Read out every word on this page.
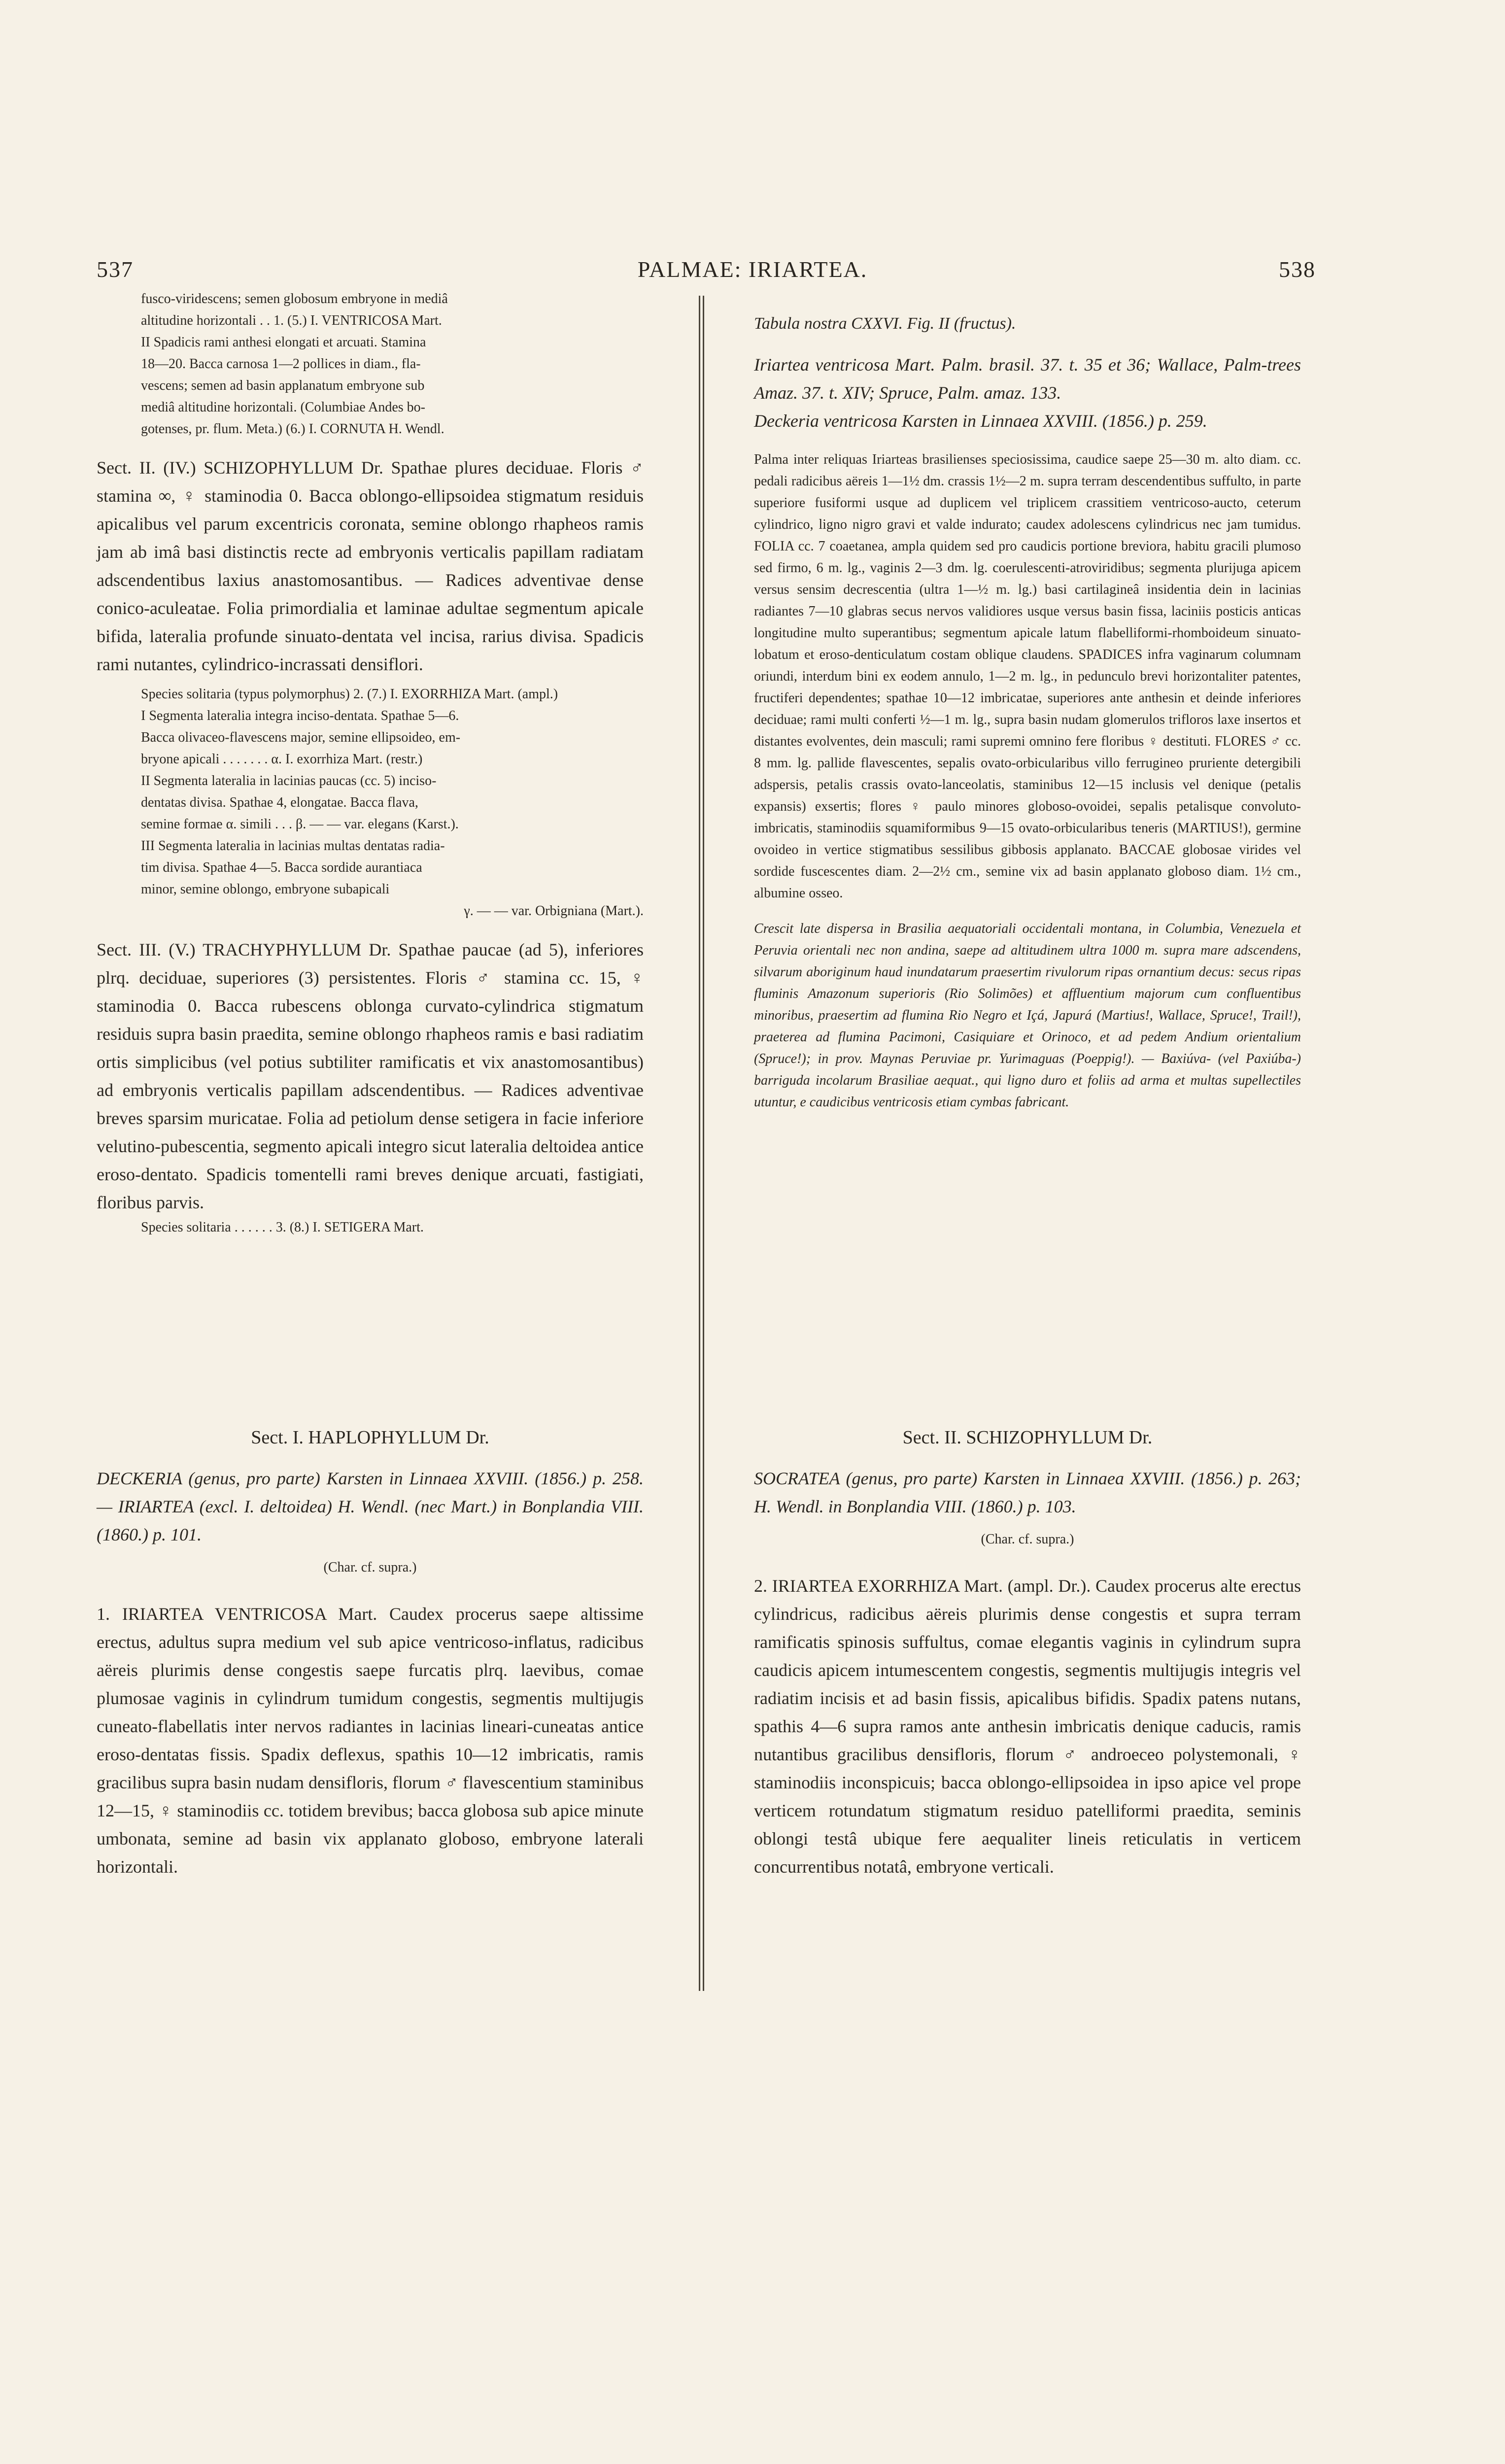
537	PALMAE: IRIARTEA.	538

fusco-viridescens; semen globosum embryone in mediâ

altitudine horizontali . . 1. (5.) I. VENTRICOSA Mart.

II Spadicis rami anthesi elongati et arcuati. Stamina

18—20. Bacca carnosa 1—2 pollices in diam., fla-

vescens; semen ad basin applanatum embryone sub

mediâ altitudine horizontali. (Columbiae Andes bo-

gotenses, pr. flum. Meta.) (6.) I. CORNUTA H. Wendl.

Sect. II. (IV.) SCHIZOPHYLLUM Dr. Spathae plures deciduae. Floris ♂ stamina ∞, ♀ staminodia 0. Bacca oblongo-ellipsoidea stigmatum residuis apicalibus vel parum excentricis coronata, semine oblongo rhapheos ramis jam ab imâ basi distinctis recte ad embryonis verticalis papillam radiatam adscendentibus laxius anastomosantibus. — Radices adventivae dense conico-aculeatae. Folia primordialia et laminae adultae segmentum apicale bifida, lateralia profunde sinuato-dentata vel incisa, rarius divisa. Spadicis rami nutantes, cylindrico-incrassati densiflori.

Species solitaria (typus polymorphus) 2. (7.) I. EXORRHIZA Mart. (ampl.)

I Segmenta lateralia integra inciso-dentata. Spathae 5—6.

Bacca olivaceo-flavescens major, semine ellipsoideo, em-

bryone apicali . . . . . . . α. I. exorrhiza Mart. (restr.)

II Segmenta lateralia in lacinias paucas (cc. 5) inciso-

dentatas divisa. Spathae 4, elongatae. Bacca flava,

semine formae α. simili . . . β. — — var. elegans (Karst.).

III Segmenta lateralia in lacinias multas dentatas radia-

tim divisa. Spathae 4—5. Bacca sordide aurantiaca

minor, semine oblongo, embryone subapicali

γ. — — var. Orbigniana (Mart.).

Sect. III. (V.) TRACHYPHYLLUM Dr. Spathae paucae (ad 5), inferiores plrq. deciduae, superiores (3) persistentes. Floris ♂ stamina cc. 15, ♀ staminodia 0. Bacca rubescens oblonga curvato-cylindrica stigmatum residuis supra basin praedita, semine oblongo rhapheos ramis e basi radiatim ortis simplicibus (vel potius subtiliter ramificatis et vix anastomosantibus) ad embryonis verticalis papillam adscendentibus. — Radices adventivae breves sparsim muricatae. Folia ad petiolum dense setigera in facie inferiore velutino-pubescentia, segmento apicali integro sicut lateralia deltoidea antice eroso-dentato. Spadicis tomentelli rami breves denique arcuati, fastigiati, floribus parvis.

Species solitaria . . . . . . 3. (8.) I. SETIGERA Mart.

Tabula nostra CXXVI. Fig. II (fructus).

Iriartea ventricosa Mart. Palm. brasil. 37. t. 35 et 36; Wallace, Palm-trees Amaz. 37. t. XIV; Spruce, Palm. amaz. 133.

Deckeria ventricosa Karsten in Linnaea XXVIII. (1856.) p. 259.

Palma inter reliquas Iriarteas brasilienses speciosissima, caudice saepe 25—30 m. alto diam. cc. pedali radicibus aëreis 1—1½ dm. crassis 1½—2 m. supra terram descendentibus suffulto, in parte superiore fusiformi usque ad duplicem vel triplicem crassitiem ventricoso-aucto, ceterum cylindrico, ligno nigro gravi et valde indurato; caudex adolescens cylindricus nec jam tumidus. FOLIA cc. 7 coaetanea, ampla quidem sed pro caudicis portione breviora, habitu gracili plumoso sed firmo, 6 m. lg., vaginis 2—3 dm. lg. coerulescenti-atroviridibus; segmenta plurijuga apicem versus sensim decrescentia (ultra 1—½ m. lg.) basi cartilagineâ insidentia dein in lacinias radiantes 7—10 glabras secus nervos validiores usque versus basin fissa, laciniis posticis anticas longitudine multo superantibus; segmentum apicale latum flabelliformi-rhomboideum sinuato-lobatum et eroso-denticulatum costam oblique claudens. SPADICES infra vaginarum columnam oriundi, interdum bini ex eodem annulo, 1—2 m. lg., in pedunculo brevi horizontaliter patentes, fructiferi dependentes; spathae 10—12 imbricatae, superiores ante anthesin et deinde inferiores deciduae; rami multi conferti ½—1 m. lg., supra basin nudam glomerulos trifloros laxe insertos et distantes evolventes, dein masculi; rami supremi omnino fere floribus ♀ destituti. FLORES ♂ cc. 8 mm. lg. pallide flavescentes, sepalis ovato-orbicularibus villo ferrugineo pruriente detergibili adspersis, petalis crassis ovato-lanceolatis, staminibus 12—15 inclusis vel denique (petalis expansis) exsertis; flores ♀ paulo minores globoso-ovoidei, sepalis petalisque convoluto-imbricatis, staminodiis squamiformibus 9—15 ovato-orbicularibus teneris (MARTIUS!), germine ovoideo in vertice stigmatibus sessilibus gibbosis applanato. BACCAE globosae virides vel sordide fuscescentes diam. 2—2½ cm., semine vix ad basin applanato globoso diam. 1½ cm., albumine osseo.

Crescit late dispersa in Brasilia aequatoriali occidentali montana, in Columbia, Venezuela et Peruvia orientali nec non andina, saepe ad altitudinem ultra 1000 m. supra mare adscendens, silvarum aboriginum haud inundatarum praesertim rivulorum ripas ornantium decus: secus ripas fluminis Amazonum superioris (Rio Solimões) et affluentium majorum cum confluentibus minoribus, praesertim ad flumina Rio Negro et Içá, Japurá (Martius!, Wallace, Spruce!, Trail!), praeterea ad flumina Pacimoni, Casiquiare et Orinoco, et ad pedem Andium orientalium (Spruce!); in prov. Maynas Peruviae pr. Yurimaguas (Poeppig!). — Baxiúva- (vel Paxiúba-) barriguda incolarum Brasiliae aequat., qui ligno duro et foliis ad arma et multas supellectiles utuntur, e caudicibus ventricosis etiam cymbas fabricant.

Sect. I. HAPLOPHYLLUM Dr.

DECKERIA (genus, pro parte) Karsten in Linnaea XXVIII. (1856.) p. 258. — IRIARTEA (excl. I. deltoidea) H. Wendl. (nec Mart.) in Bonplandia VIII. (1860.) p. 101.

(Char. cf. supra.)

1. IRIARTEA VENTRICOSA Mart. Caudex procerus saepe altissime erectus, adultus supra medium vel sub apice ventricoso-inflatus, radicibus aëreis plurimis dense congestis saepe furcatis plrq. laevibus, comae plumosae vaginis in cylindrum tumidum congestis, segmentis multijugis cuneato-flabellatis inter nervos radiantes in lacinias lineari-cuneatas antice eroso-dentatas fissis. Spadix deflexus, spathis 10—12 imbricatis, ramis gracilibus supra basin nudam densifloris, florum ♂ flavescentium staminibus 12—15, ♀ staminodiis cc. totidem brevibus; bacca globosa sub apice minute umbonata, semine ad basin vix applanato globoso, embryone laterali horizontali.

Sect. II. SCHIZOPHYLLUM Dr.

SOCRATEA (genus, pro parte) Karsten in Linnaea XXVIII. (1856.) p. 263; H. Wendl. in Bonplandia VIII. (1860.) p. 103.

(Char. cf. supra.)

2. IRIARTEA EXORRHIZA Mart. (ampl. Dr.). Caudex procerus alte erectus cylindricus, radicibus aëreis plurimis dense congestis et supra terram ramificatis spinosis suffultus, comae elegantis vaginis in cylindrum supra caudicis apicem intumescentem congestis, segmentis multijugis integris vel radiatim incisis et ad basin fissis, apicalibus bifidis. Spadix patens nutans, spathis 4—6 supra ramos ante anthesin imbricatis denique caducis, ramis nutantibus gracilibus densifloris, florum ♂ androeceo polystemonali, ♀ staminodiis inconspicuis; bacca oblongo-ellipsoidea in ipso apice vel prope verticem rotundatum stigmatum residuo patelliformi praedita, seminis oblongi testâ ubique fere aequaliter lineis reticulatis in verticem concurrentibus notatâ, embryone verticali.
